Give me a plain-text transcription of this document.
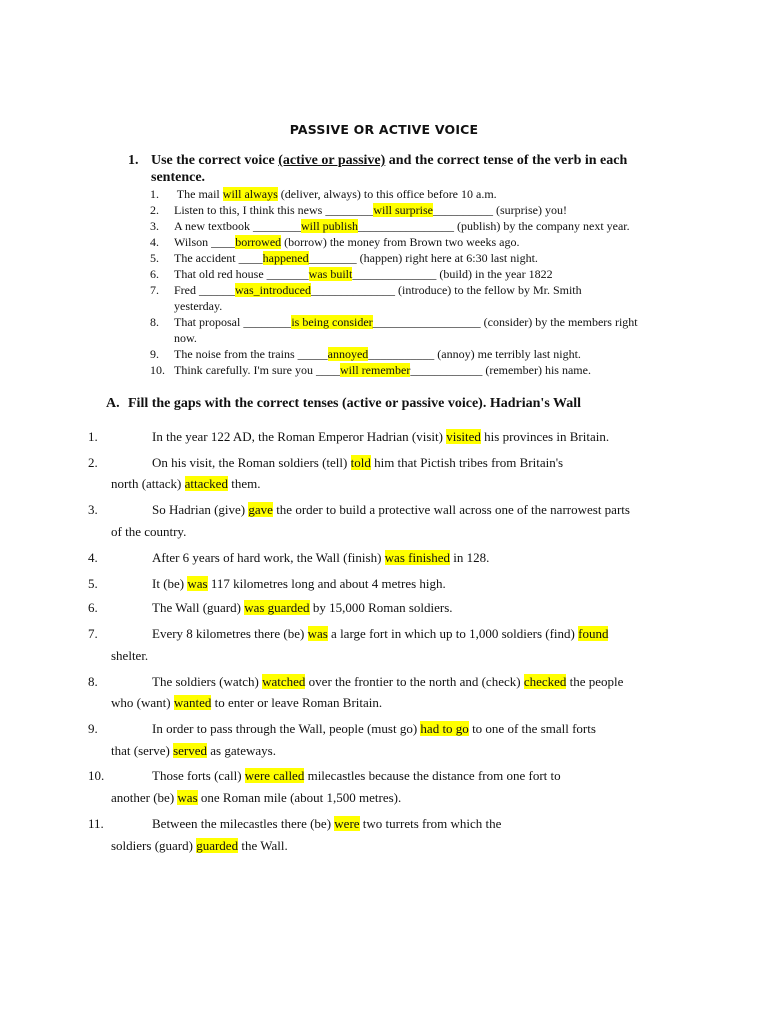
PASSIVE OR ACTIVE VOICE
1. Use the correct voice (active or passive) and the correct tense of the verb in each
sentence.
1. The mail will always (deliver, always) to this office before 10 a.m.
2. Listen to this, I think this news ________will surprise__________ (surprise) you!
3. A new textbook ________will publish________________ (publish) by the company next year.
4. Wilson ____borrowed (borrow) the money from Brown two weeks ago.
5. The accident ____happened________ (happen) right here at 6:30 last night.
6. That old red house _______was built______________ (build) in the year 1822
7. Fred ______was_introduced______________ (introduce) to the fellow by Mr. Smith
yesterday.
8. That proposal ________is being consider__________________ (consider) by the members right
now.
9. The noise from the trains _____annoyed___________ (annoy) me terribly last night.
10. Think carefully. I'm sure you ____will remember____________ (remember) his name.
A. Fill the gaps with the correct tenses (active or passive voice). Hadrian's Wall
1.	In the year 122 AD, the Roman Emperor Hadrian (visit) visited his provinces in Britain.
2.	On his visit, the Roman soldiers (tell) told him that Pictish tribes from Britain's
north (attack) attacked them.
3.	So Hadrian (give) gave the order to build a protective wall across one of the narrowest parts
of the country.
4.	After 6 years of hard work, the Wall (finish) was finished in 128.
5.	It (be) was 117 kilometres long and about 4 metres high.
6.	The Wall (guard) was guarded by 15,000 Roman soldiers.
7.	Every 8 kilometres there (be) was a large fort in which up to 1,000 soldiers (find) found
shelter.
8.	The soldiers (watch) watched over the frontier to the north and (check) checked the people
who (want) wanted to enter or leave Roman Britain.
9.	In order to pass through the Wall, people (must go) had to go to one of the small forts
that (serve) served as gateways.
10.	Those forts (call) were called milecastles because the distance from one fort to
another (be) was one Roman mile (about 1,500 metres).
11.	Between the milecastles there (be) were two turrets from which the
soldiers (guard) guarded the Wall.
